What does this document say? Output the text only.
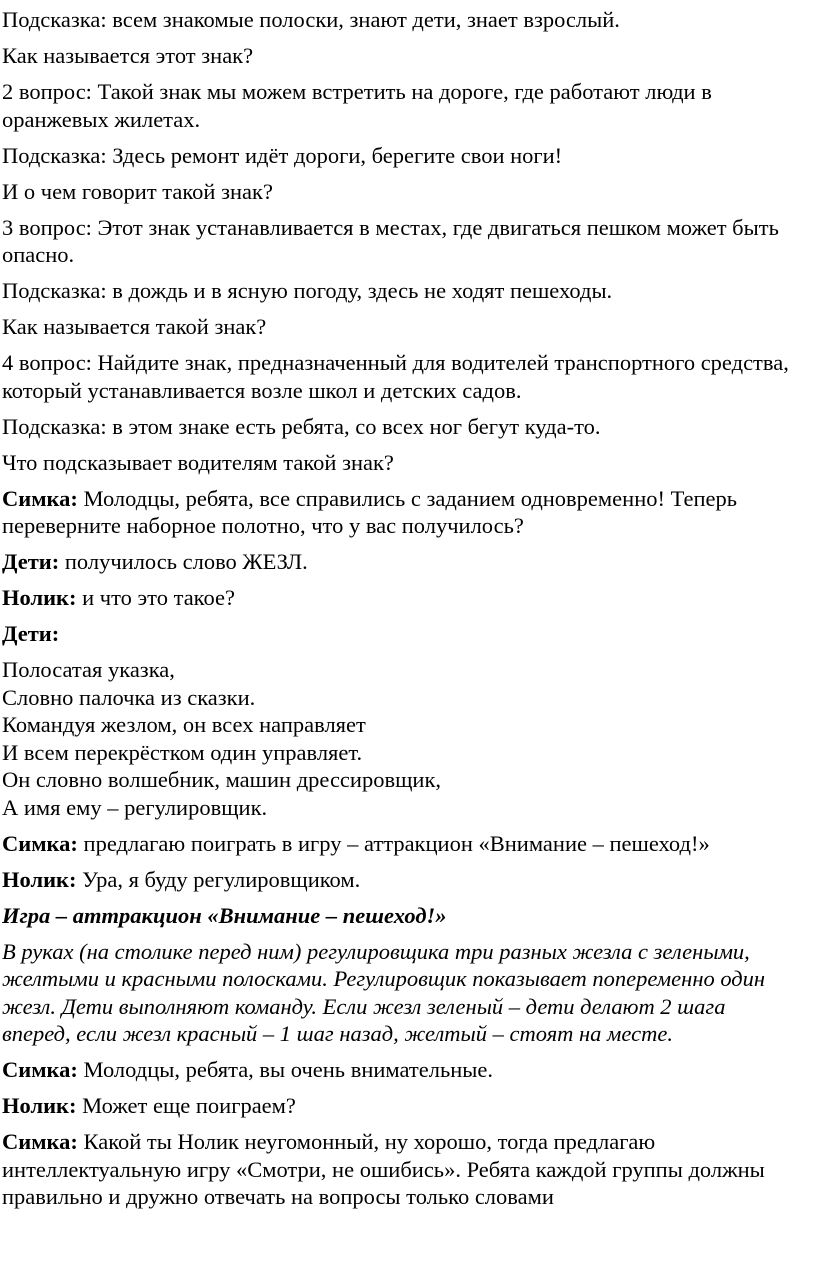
Подсказка: всем знакомые полоски, знают дети, знает взрослый.

Как называется этот знак?

2 вопрос: Такой знак мы можем встретить на дороге, где работают люди в оранжевых жилетах.

Подсказка: Здесь ремонт идёт дороги, берегите свои ноги!

И о чем говорит такой знак?

3 вопрос: Этот знак устанавливается в местах, где двигаться пешком может быть опасно.

Подсказка: в дождь и в ясную погоду, здесь не ходят пешеходы.

Как называется такой знак?

4 вопрос: Найдите знак, предназначенный для водителей транспортного средства, который устанавливается возле школ и детских садов.

Подсказка: в этом знаке есть ребята, со всех ног бегут куда-то.

Что подсказывает водителям такой знак?

Симка: Молодцы, ребята, все справились с заданием одновременно! Теперь переверните наборное полотно, что у вас получилось?

Дети: получилось слово ЖЕЗЛ.

Нолик: и что это такое?

Дети:

Полосатая указка,
Словно палочка из сказки.
Командуя жезлом, он всех направляет
И всем перекрёстком один управляет.
Он словно волшебник, машин дрессировщик,
А имя ему – регулировщик.

Симка: предлагаю поиграть в игру – аттракцион «Внимание – пешеход!»

Нолик: Ура, я буду регулировщиком.

Игра – аттракцион «Внимание – пешеход!»

В руках (на столике перед ним) регулировщика три разных жезла с зелеными, желтыми и красными полосками. Регулировщик показывает попеременно один жезл. Дети выполняют команду. Если жезл зеленый – дети делают 2 шага вперед, если жезл красный – 1 шаг назад, желтый – стоят на месте.

Симка: Молодцы, ребята, вы очень внимательные.

Нолик: Может еще поиграем?

Симка: Какой ты Нолик неугомонный, ну хорошо, тогда предлагаю интеллектуальную игру «Смотри, не ошибись». Ребята каждой группы должны правильно и дружно отвечать на вопросы только словами
